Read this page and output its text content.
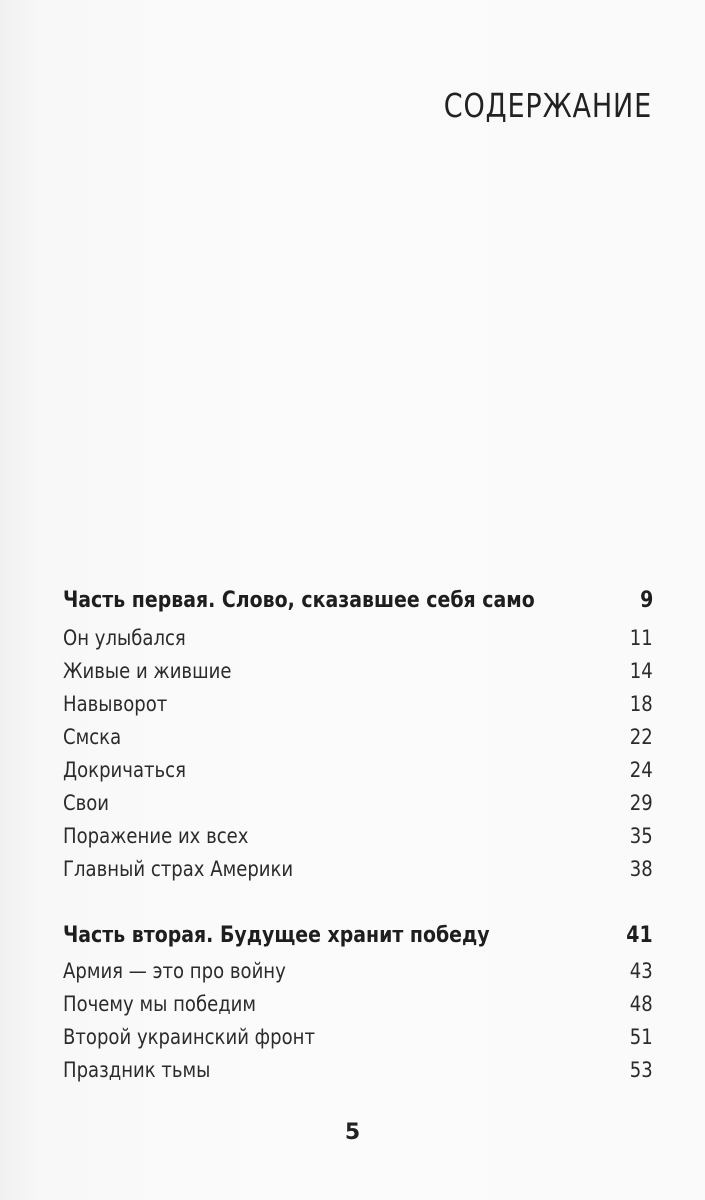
СОДЕРЖАНИЕ
Часть первая. Слово, сказавшее себя само	9
Он улыбался	11
Живые и жившие	14
Навыворот	18
Смска	22
Докричаться	24
Свои	29
Поражение их всех	35
Главный страх Америки	38
Часть вторая. Будущее хранит победу	41
Армия — это про войну	43
Почему мы победим	48
Второй украинский фронт	51
Праздник тьмы	53
5
